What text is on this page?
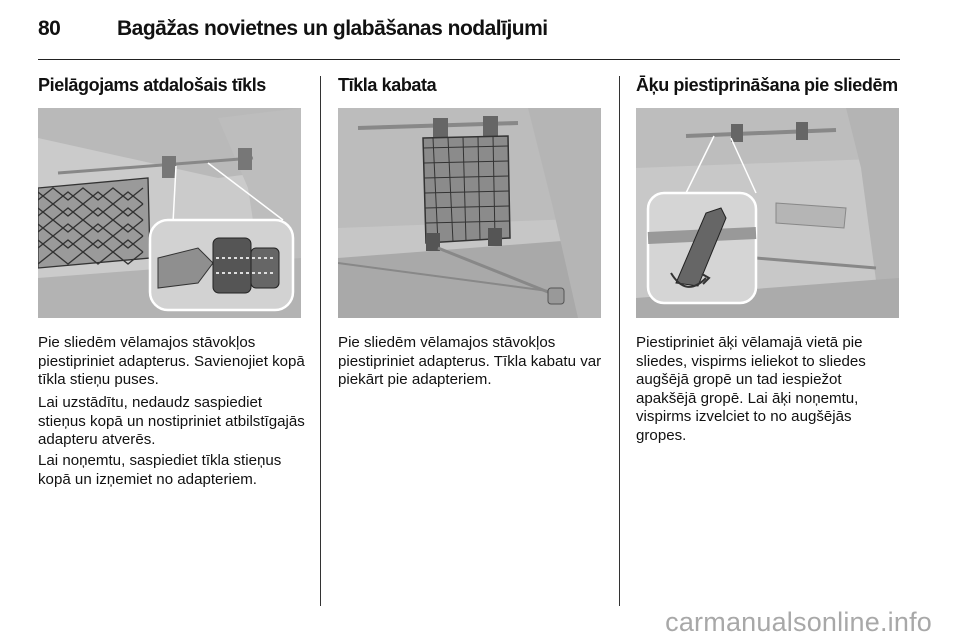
80	Bagāžas novietnes un glabāšanas nodalījumi
Pielāgojams atdalošais tīkls

Pie sliedēm vēlamajos stāvokļos piestipriniet adapterus. Savienojiet kopā tīkla stieņu puses.

Lai uzstādītu, nedaudz saspiediet stieņus kopā un nostipriniet atbilstīgajās adapteru atverēs.

Lai noņemtu, saspiediet tīkla stieņus kopā un izņemiet no adapteriem.

Tīkla kabata

Pie sliedēm vēlamajos stāvokļos piestipriniet adapterus. Tīkla kabatu var piekārt pie adapteriem.

Āķu piestiprināšana pie sliedēm

Piestipriniet āķi vēlamajā vietā pie sliedes, vispirms ieliekot to sliedes augšējā gropē un tad iespiežot apakšējā gropē. Lai āķi noņemtu, vispirms izvelciet to no augšējās gropes.

carmanualsonline.info
